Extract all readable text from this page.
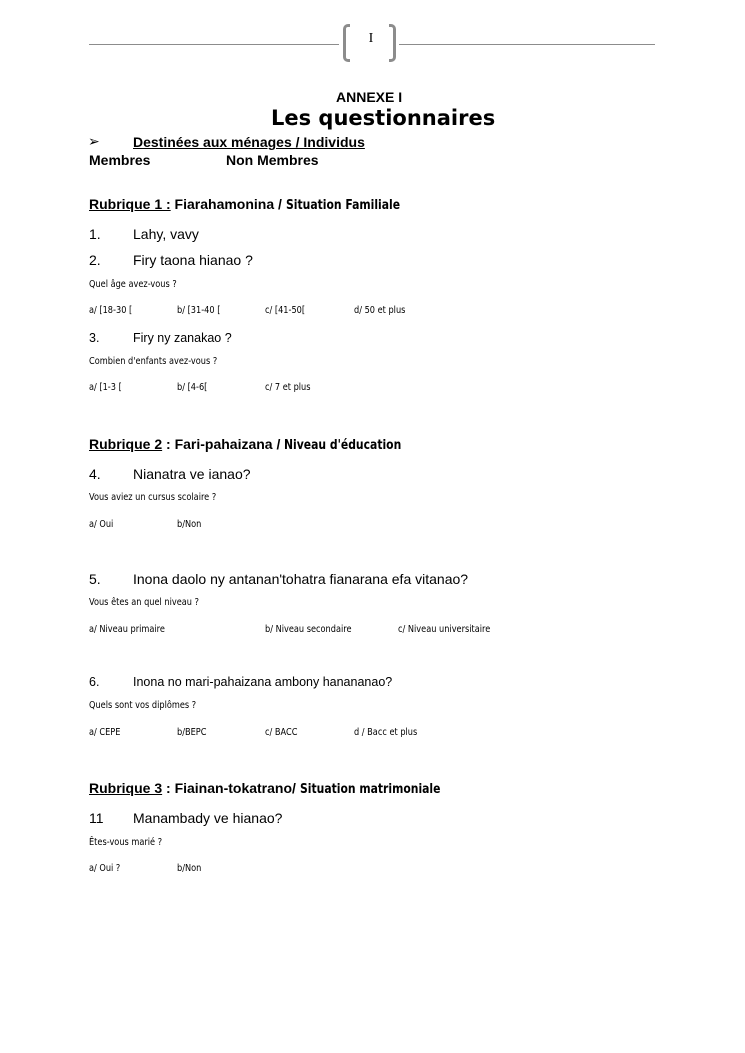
I
ANNEXE I
Les questionnaires
➢ Destinées aux ménages / Individus
Membres	Non Membres
Rubrique 1 : Fiarahamonina / Situation Familiale
1. Lahy, vavy
2. Firy taona hianao ?
Quel âge avez-vous ?
a/ [18-30 [	b/ [31-40 [	c/ [41-50[	d/ 50 et plus
3.	Firy ny zanakao ?
Combien d'enfants avez-vous ?
a/ [1-3 [	b/ [4-6[	c/ 7 et plus
Rubrique 2 : Fari-pahaizana / Niveau d'éducation
4. Nianatra ve ianao?
Vous aviez un cursus scolaire ?
a/ Oui	b/Non
5. Inona daolo ny antanan'tohatra fianarana efa vitanao?
Vous êtes an quel niveau ?
a/ Niveau primaire	b/ Niveau secondaire	c/ Niveau universitaire
6.	Inona no mari-pahaizana ambony hanananao?
Quels sont vos diplômes ?
a/ CEPE	b/BEPC	c/ BACC	d / Bacc et plus
Rubrique 3 : Fiainan-tokatrano/ Situation matrimoniale
11 Manambady ve hianao?
Êtes-vous marié ?
a/ Oui ?	b/Non
